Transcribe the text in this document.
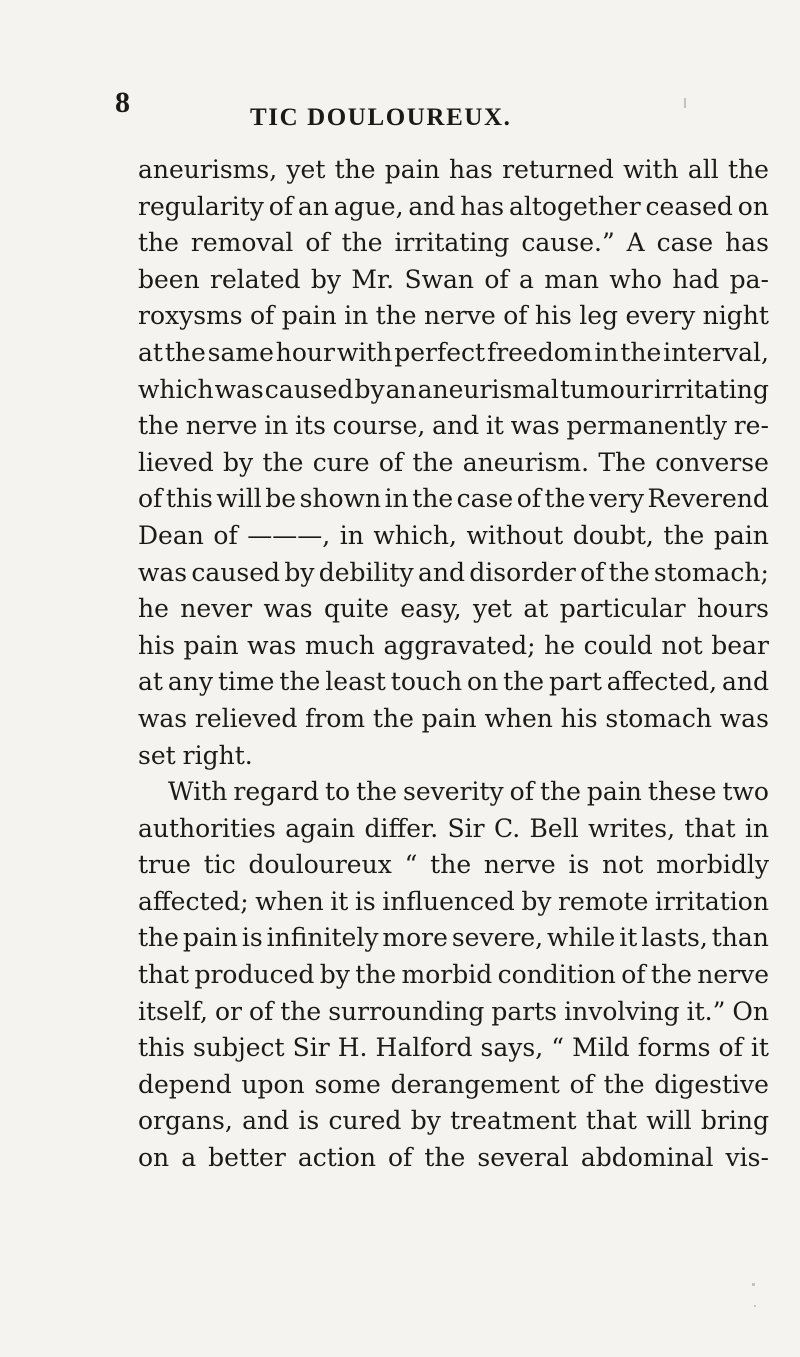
8	TIC DOULOUREUX.
aneurisms, yet the pain has returned with all the
regularity of an ague, and has altogether ceased on
the removal of the irritating cause.” A case has
been related by Mr. Swan of a man who had pa-
roxysms of pain in the nerve of his leg every night
at the same hour with perfect freedom in the interval,
which was caused by an aneurismal tumour irritating
the nerve in its course, and it was permanently re-
lieved by the cure of the aneurism. The converse
of this will be shown in the case of the very Reverend
Dean of ———, in which, without doubt, the pain
was caused by debility and disorder of the stomach;
he never was quite easy, yet at particular hours
his pain was much aggravated; he could not bear
at any time the least touch on the part affected, and
was relieved from the pain when his stomach was
set right.
With regard to the severity of the pain these two
authorities again differ. Sir C. Bell writes, that in
true tic douloureux “ the nerve is not morbidly
affected; when it is influenced by remote irritation
the pain is infinitely more severe, while it lasts, than
that produced by the morbid condition of the nerve
itself, or of the surrounding parts involving it.” On
this subject Sir H. Halford says, “ Mild forms of it
depend upon some derangement of the digestive
organs, and is cured by treatment that will bring
on a better action of the several abdominal vis-
